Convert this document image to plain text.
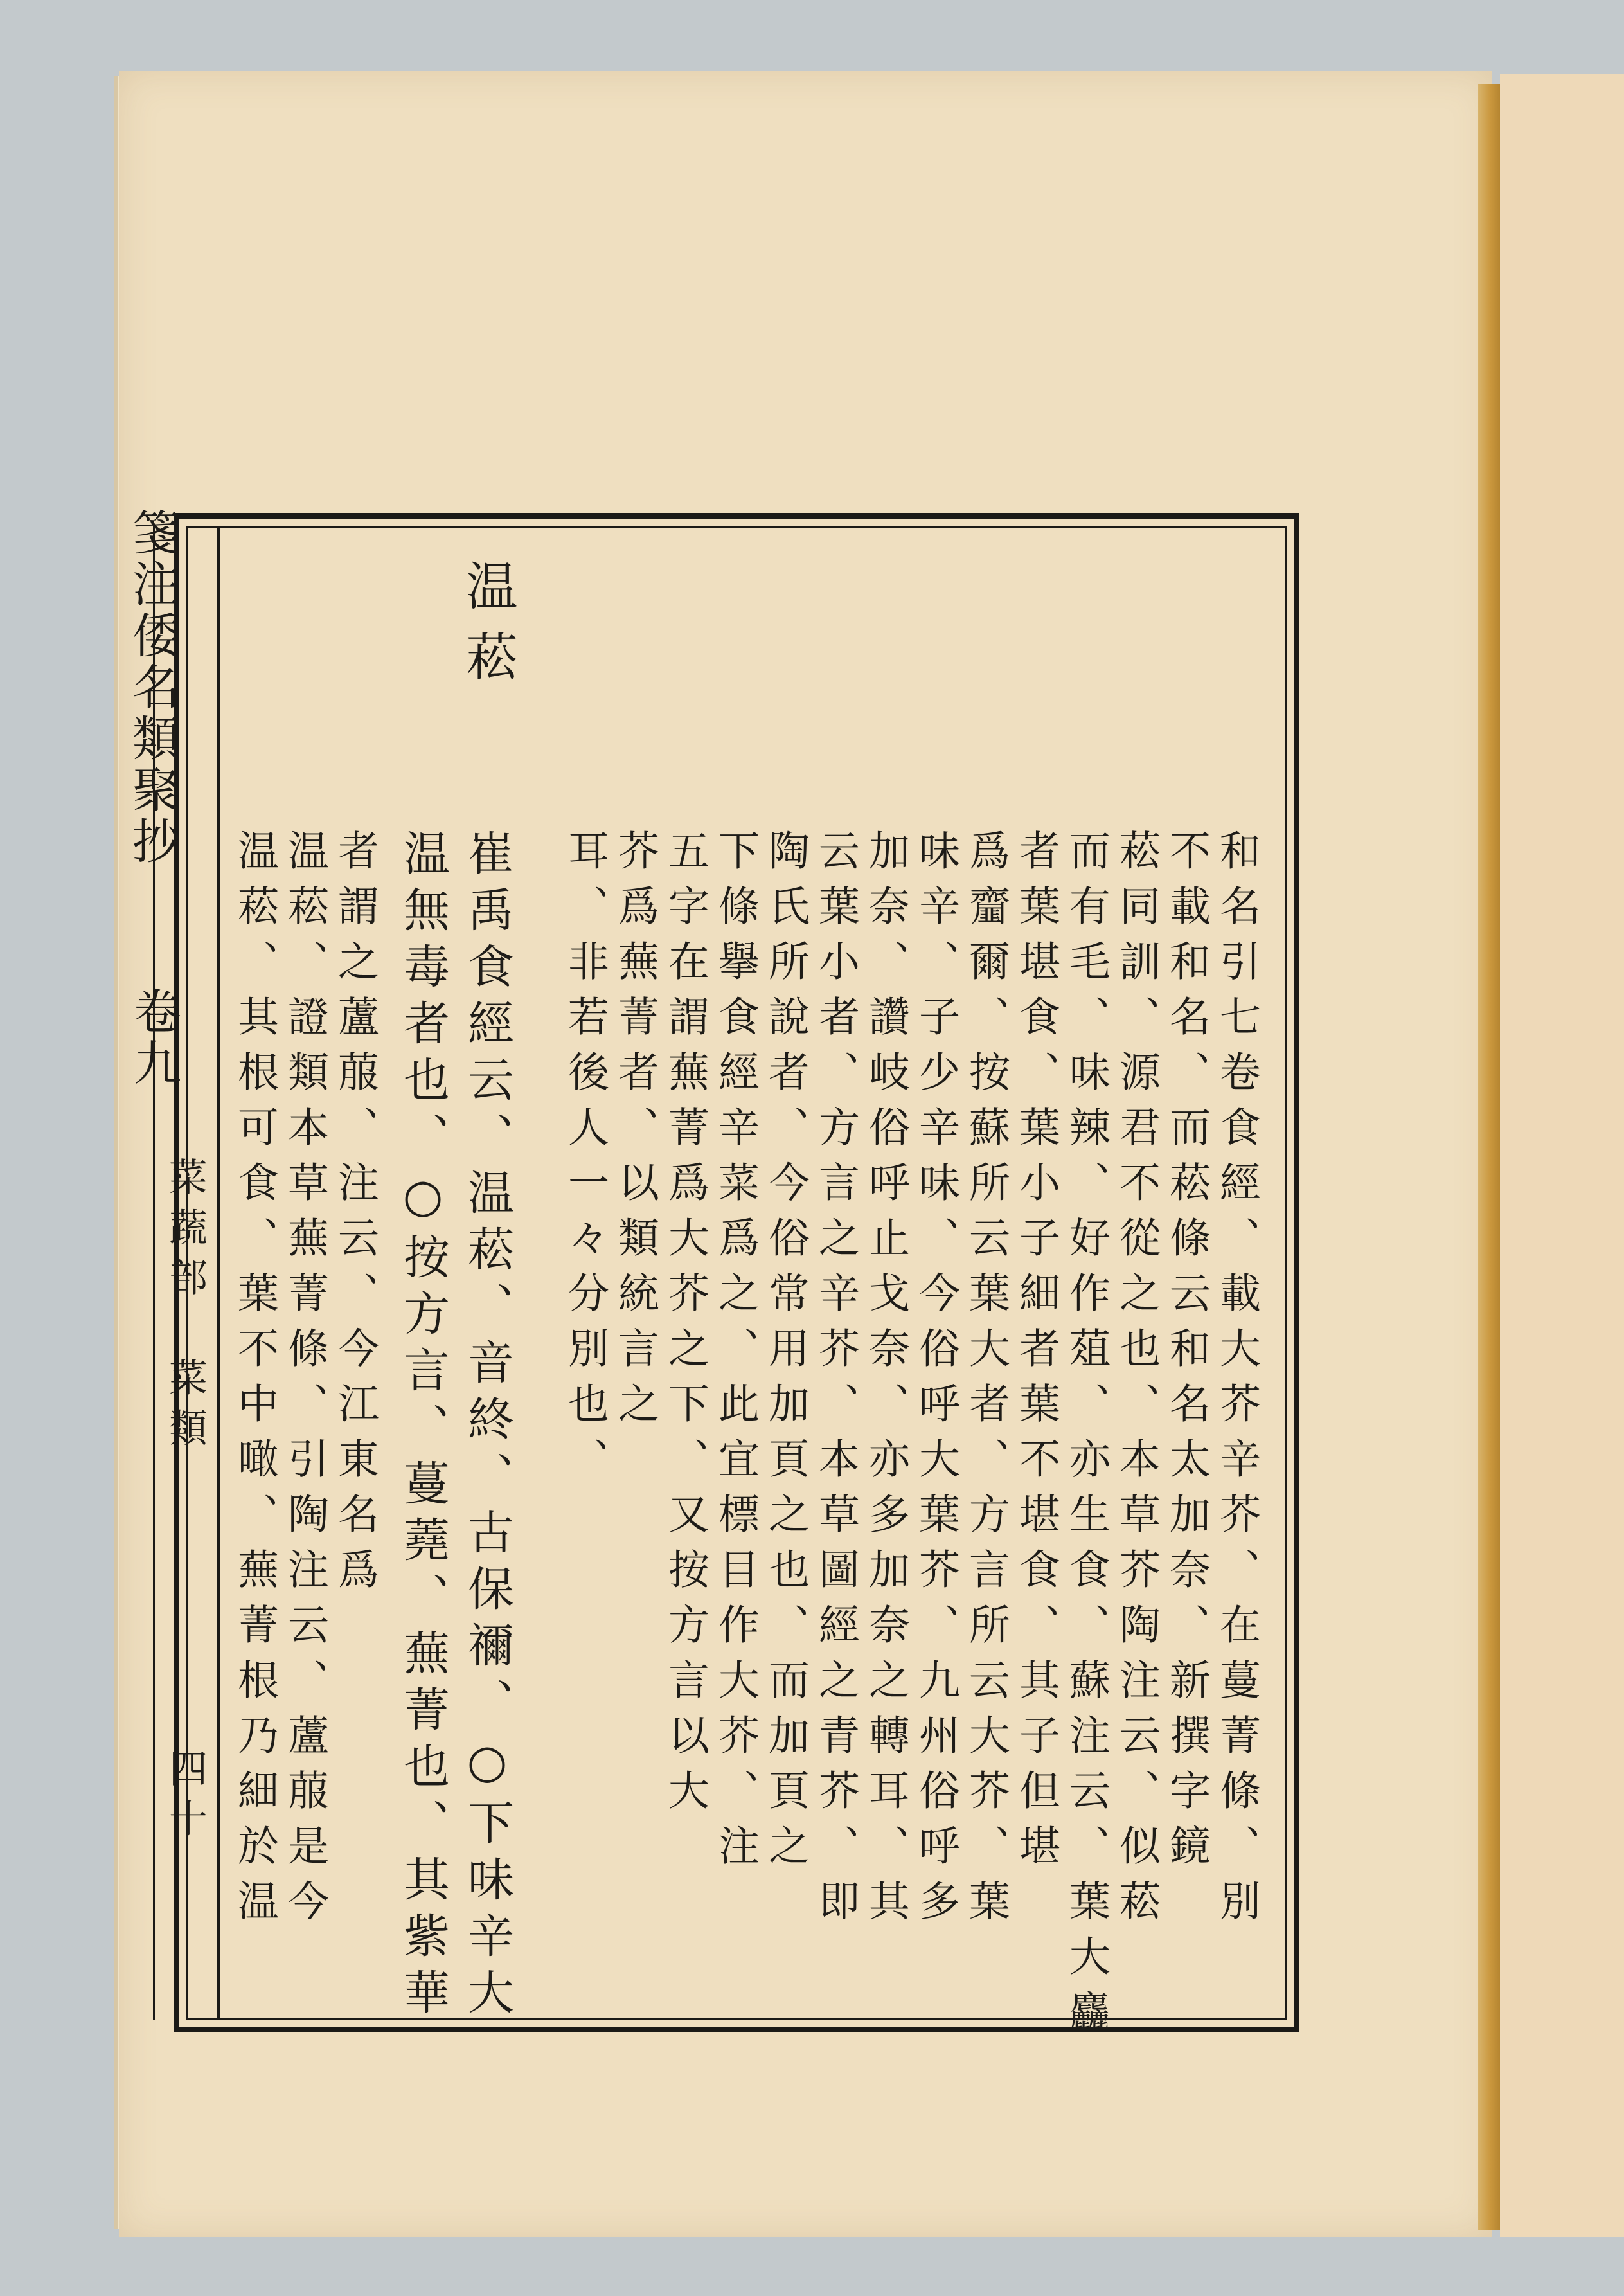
箋注倭名類聚抄
卷九
菜蔬部　菜類
四十
温菘
和名引七卷食經、載大芥辛芥、在蔓菁條、別
不載和名、而菘條云和名太加奈、新撰字鏡
菘同訓、源君不從之也、本草芥陶注云、似菘
而有毛、味辣、好作葅、亦生食、蘇注云、葉大麤
者葉堪食、葉小子細者葉不堪食、其子但堪
爲齏爾、按蘇所云葉大者、方言所云大芥、葉
味辛、子少辛味、今俗呼大葉芥、九州俗呼多
加奈、讚岐俗呼止戈奈、亦多加奈之轉耳、其
云葉小者、方言之辛芥、本草圖經之青芥、即
陶氏所說者、今俗常用加頁之也、而加頁之
下條擧食經辛菜爲之、此宜標目作大芥、注
五字在謂蕪菁爲大芥之下、又按方言以大
芥爲蕪菁者、以類統言之
耳、非若後人一々分別也、
崔禹食經云、温菘、音終、古保禰、○下味辛大
温無毒者也、○按方言、蔓蕘、蕪菁也、其紫華
者謂之蘆菔、注云、今江東名爲
温菘、證類本草蕪菁條、引陶注云、蘆菔是今
温菘、其根可食、葉不中噉、蕪菁根乃細於温
